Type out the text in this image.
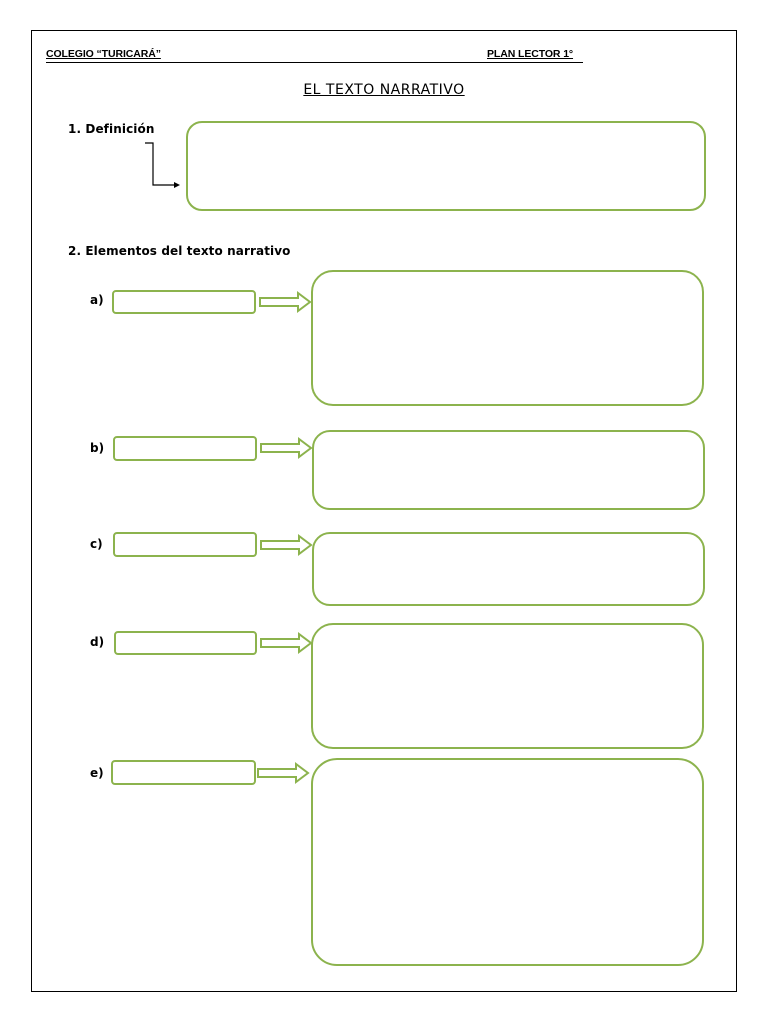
COLEGIO “TURICARÁ”	PLAN LECTOR 1°
EL TEXTO NARRATIVO
1. Definición
2. Elementos del texto narrativo
a)
b)
c)
d)
e)
